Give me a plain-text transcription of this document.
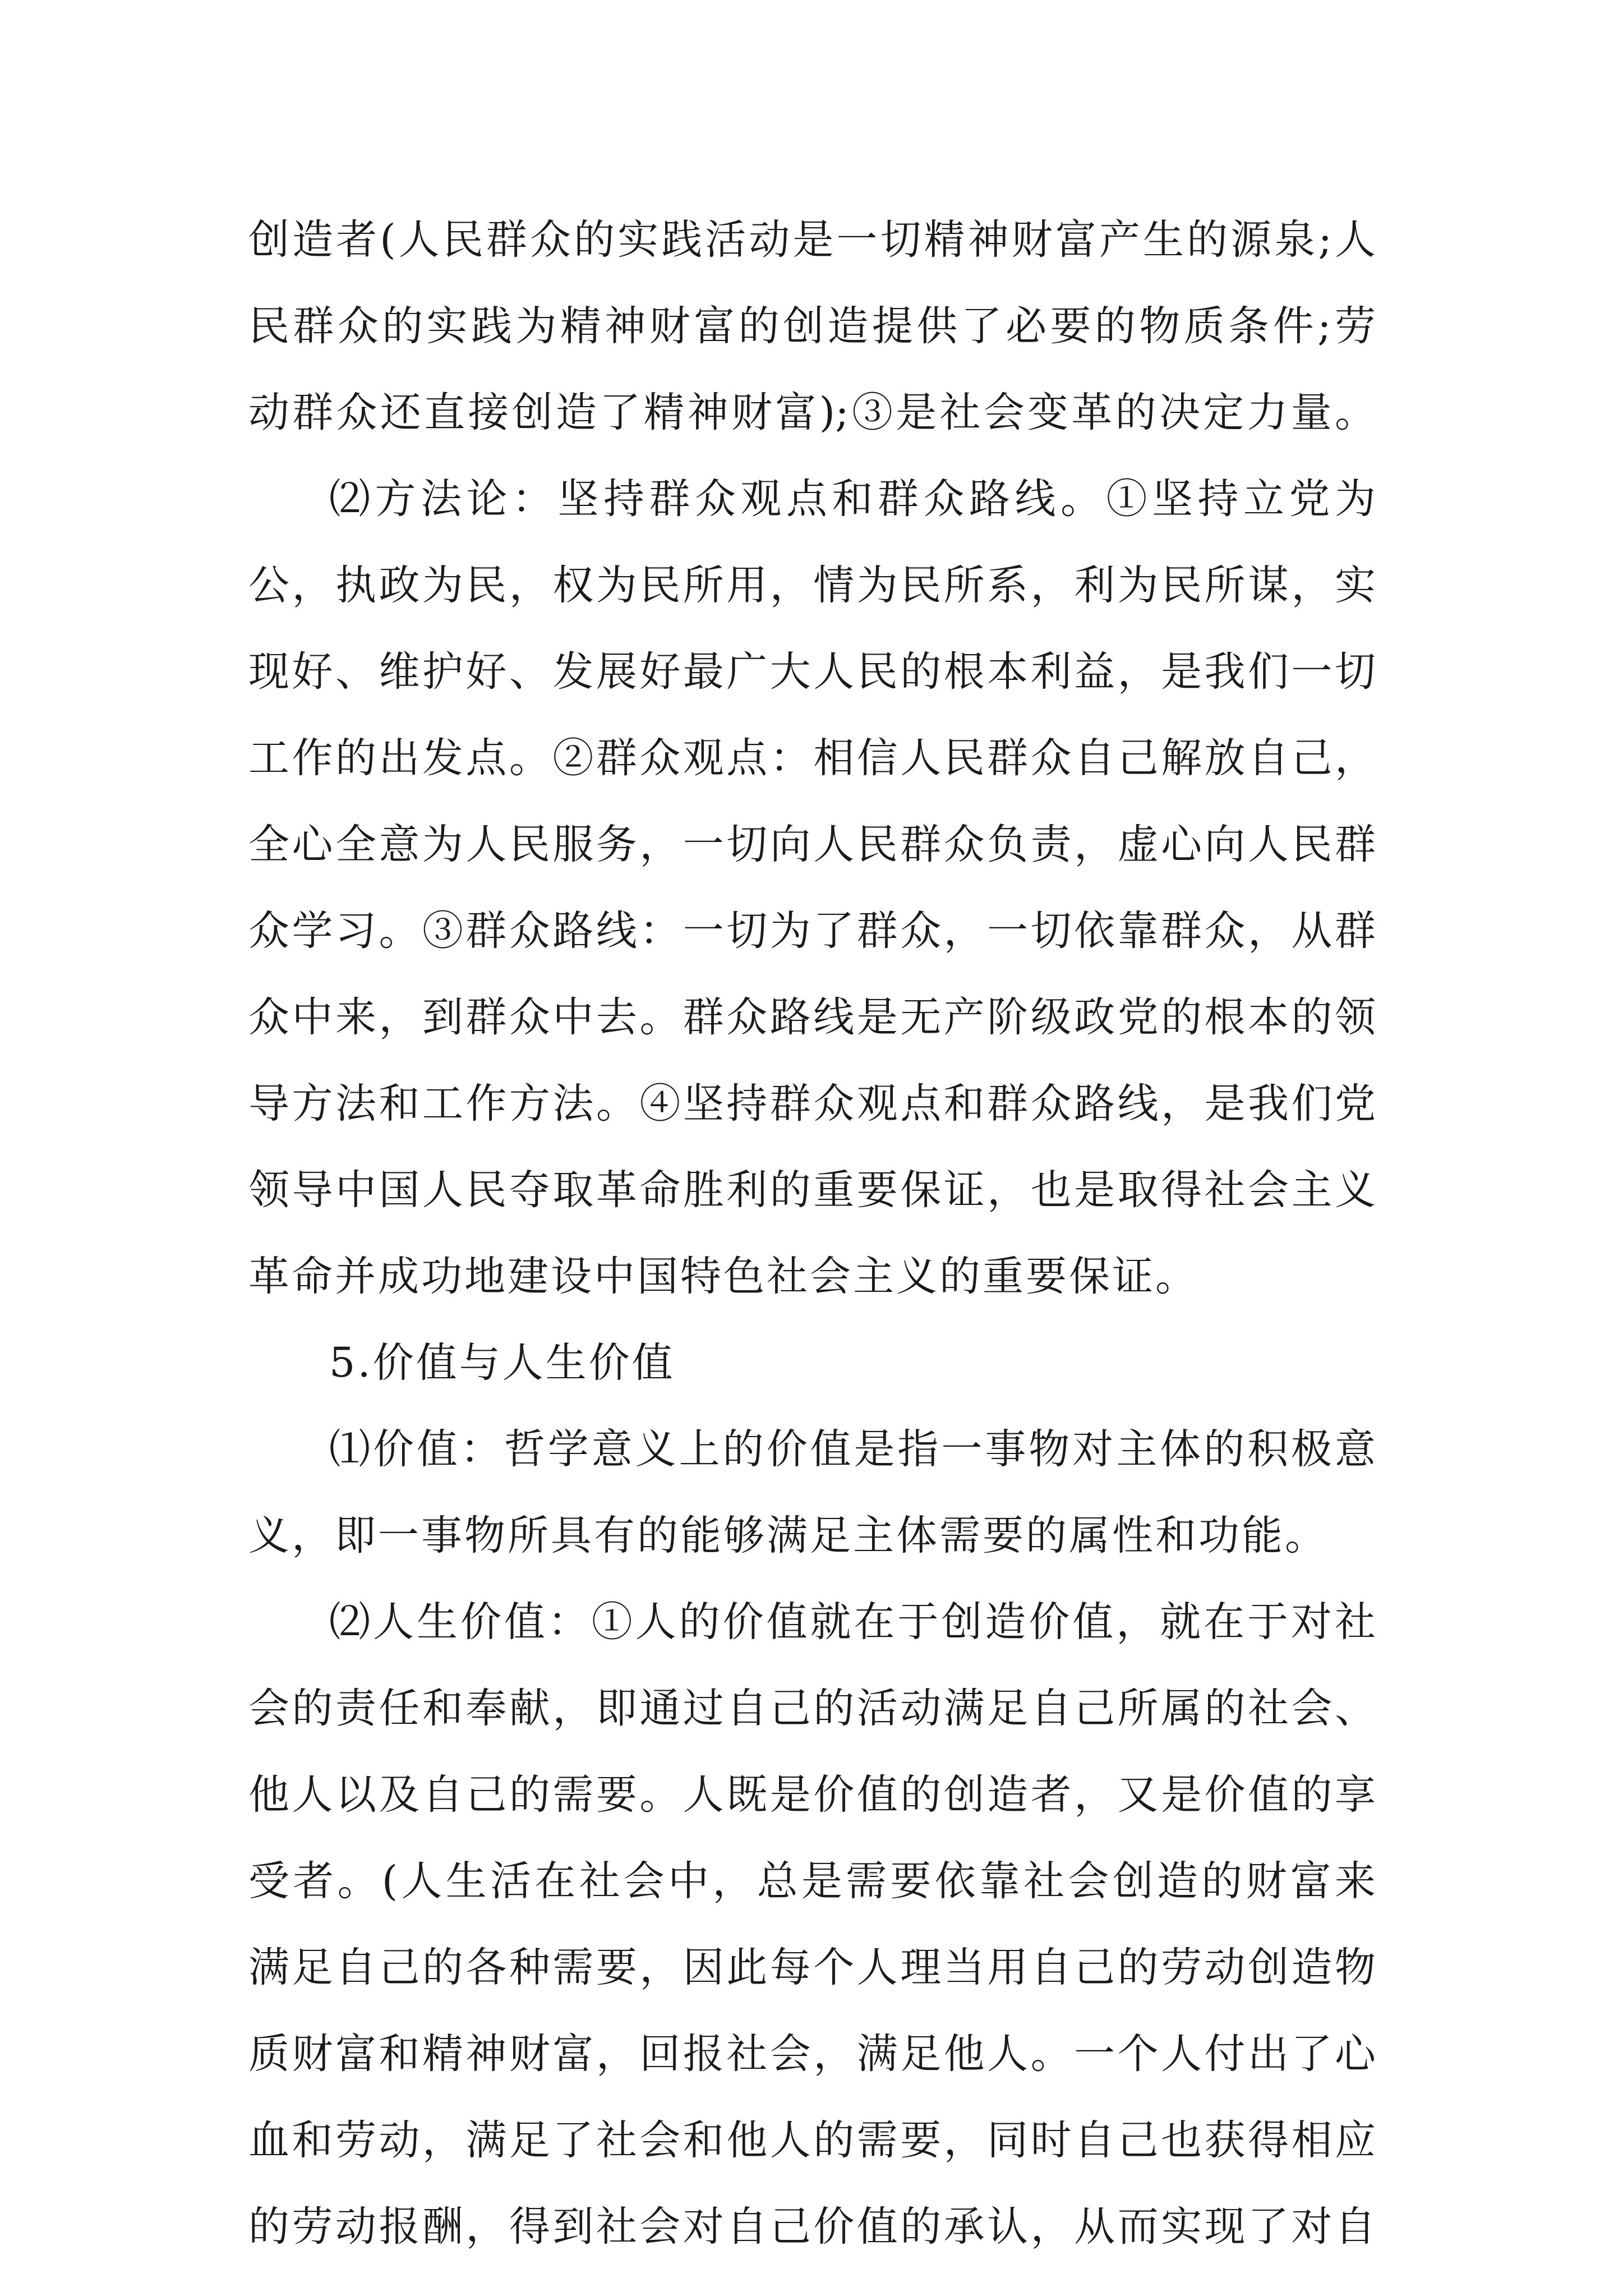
创造者(人民群众的实践活动是一切精神财富产生的源泉;人
民群众的实践为精神财富的创造提供了必要的物质条件;劳
动群众还直接创造了精神财富);③是社会变革的决定力量。
⑵方法论：坚持群众观点和群众路线。①坚持立党为
公，执政为民，权为民所用，情为民所系，利为民所谋，实
现好、维护好、发展好最广大人民的根本利益，是我们一切
工作的出发点。②群众观点：相信人民群众自己解放自己，
全心全意为人民服务，一切向人民群众负责，虚心向人民群
众学习。③群众路线：一切为了群众，一切依靠群众，从群
众中来，到群众中去。群众路线是无产阶级政党的根本的领
导方法和工作方法。④坚持群众观点和群众路线，是我们党
领导中国人民夺取革命胜利的重要保证，也是取得社会主义
革命并成功地建设中国特色社会主义的重要保证。
5.价值与人生价值
⑴价值：哲学意义上的价值是指一事物对主体的积极意
义，即一事物所具有的能够满足主体需要的属性和功能。
⑵人生价值：①人的价值就在于创造价值，就在于对社
会的责任和奉献，即通过自己的活动满足自己所属的社会、
他人以及自己的需要。人既是价值的创造者，又是价值的享
受者。(人生活在社会中，总是需要依靠社会创造的财富来
满足自己的各种需要，因此每个人理当用自己的劳动创造物
质财富和精神财富，回报社会，满足他人。一个人付出了心
血和劳动，满足了社会和他人的需要，同时自己也获得相应
的劳动报酬，得到社会对自己价值的承认，从而实现了对自
